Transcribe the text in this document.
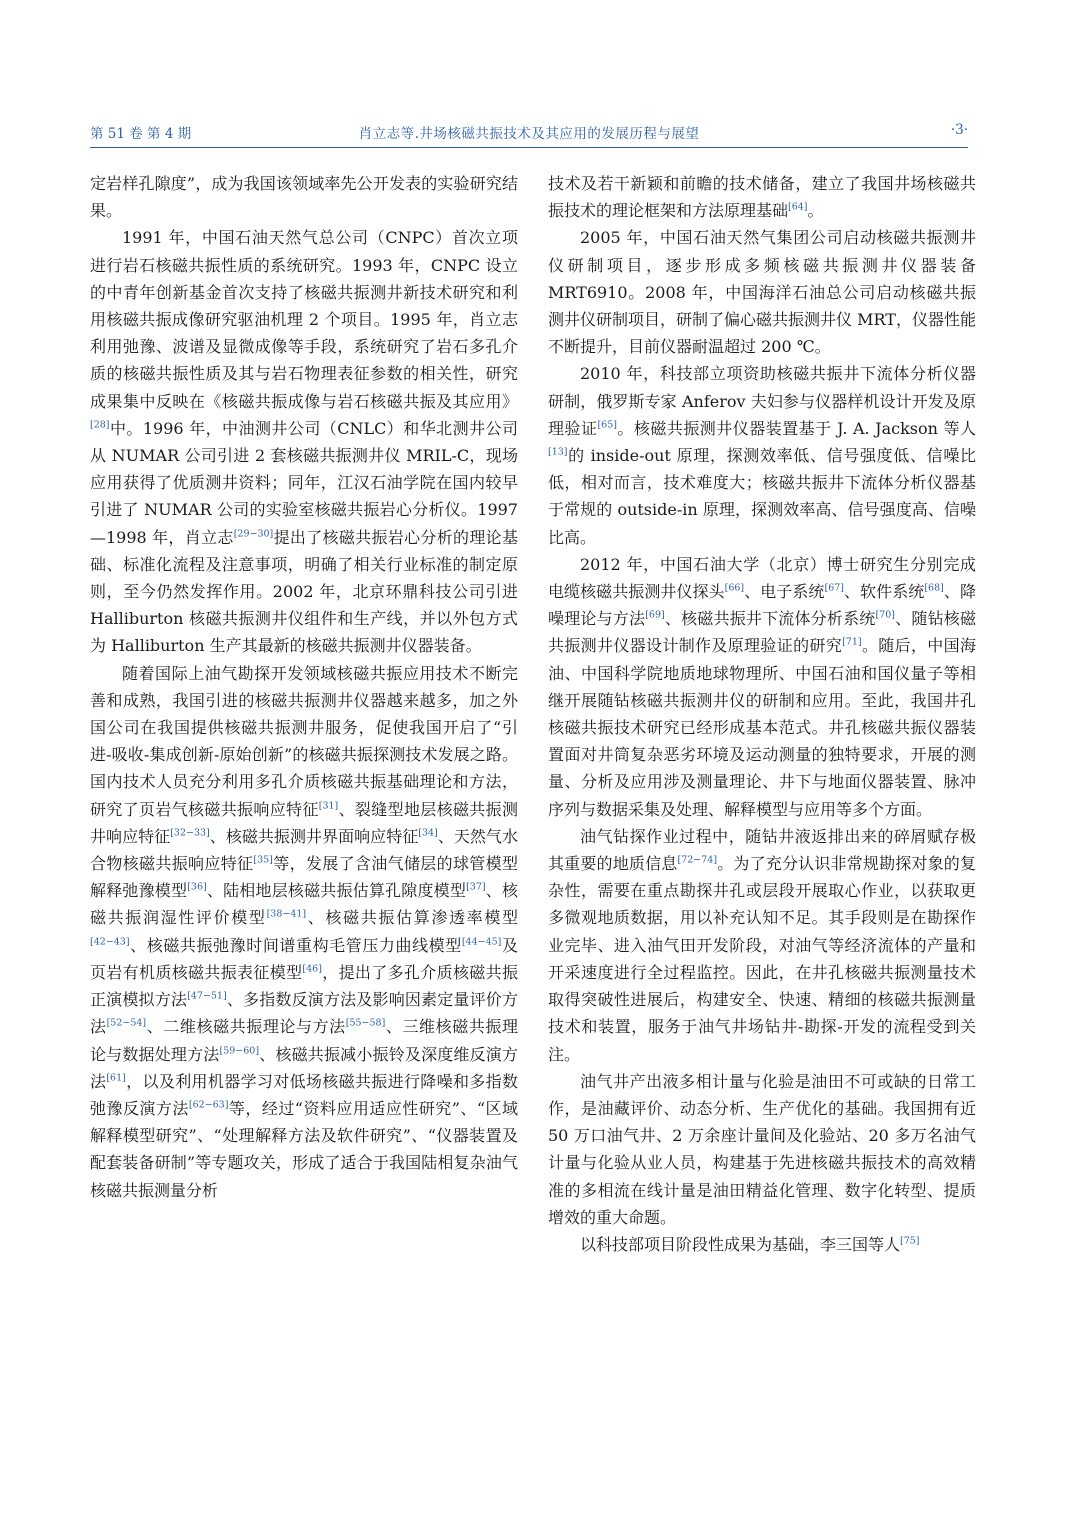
第 51 卷 第 4 期	肖立志等.井场核磁共振技术及其应用的发展历程与展望	·3·

定岩样孔隙度”，成为我国该领域率先公开发表的实验研究结果。

1991 年，中国石油天然气总公司（CNPC）首次立项进行岩石核磁共振性质的系统研究。1993 年，CNPC 设立的中青年创新基金首次支持了核磁共振测井新技术研究和利用核磁共振成像研究驱油机理 2 个项目。1995 年，肖立志利用弛豫、波谱及显微成像等手段，系统研究了岩石多孔介质的核磁共振性质及其与岩石物理表征参数的相关性，研究成果集中反映在《核磁共振成像与岩石核磁共振及其应用》[28]中。1996 年，中油测井公司（CNLC）和华北测井公司从 NUMAR 公司引进 2 套核磁共振测井仪 MRIL-C，现场应用获得了优质测井资料；同年，江汉石油学院在国内较早引进了 NUMAR 公司的实验室核磁共振岩心分析仪。1997—1998 年，肖立志[29−30]提出了核磁共振岩心分析的理论基础、标准化流程及注意事项，明确了相关行业标准的制定原则，至今仍然发挥作用。2002 年，北京环鼎科技公司引进 Halliburton 核磁共振测井仪组件和生产线，并以外包方式为 Halliburton 生产其最新的核磁共振测井仪器装备。

随着国际上油气勘探开发领域核磁共振应用技术不断完善和成熟，我国引进的核磁共振测井仪器越来越多，加之外国公司在我国提供核磁共振测井服务，促使我国开启了“引进-吸收-集成创新-原始创新”的核磁共振探测技术发展之路。国内技术人员充分利用多孔介质核磁共振基础理论和方法，研究了页岩气核磁共振响应特征[31]、裂缝型地层核磁共振测井响应特征[32−33]、核磁共振测井界面响应特征[34]、天然气水合物核磁共振响应特征[35]等，发展了含油气储层的球管模型解释弛豫模型[36]、陆相地层核磁共振估算孔隙度模型[37]、核磁共振润湿性评价模型[38−41]、核磁共振估算渗透率模型[42−43]、核磁共振弛豫时间谱重构毛管压力曲线模型[44−45]及页岩有机质核磁共振表征模型[46]，提出了多孔介质核磁共振正演模拟方法[47−51]、多指数反演方法及影响因素定量评价方法[52−54]、二维核磁共振理论与方法[55−58]、三维核磁共振理论与数据处理方法[59−60]、核磁共振减小振铃及深度维反演方法[61]，以及利用机器学习对低场核磁共振进行降噪和多指数弛豫反演方法[62−63]等，经过“资料应用适应性研究”、“区域解释模型研究”、“处理解释方法及软件研究”、“仪器装置及配套装备研制”等专题攻关，形成了适合于我国陆相复杂油气核磁共振测量分析

技术及若干新颖和前瞻的技术储备，建立了我国井场核磁共振技术的理论框架和方法原理基础[64]。

2005 年，中国石油天然气集团公司启动核磁共振测井仪研制项目，逐步形成多频核磁共振测井仪器装备 MRT6910。2008 年，中国海洋石油总公司启动核磁共振测井仪研制项目，研制了偏心磁共振测井仪 MRT，仪器性能不断提升，目前仪器耐温超过 200 ℃。

2010 年，科技部立项资助核磁共振井下流体分析仪器研制，俄罗斯专家 Anferov 夫妇参与仪器样机设计开发及原理验证[65]。核磁共振测井仪器装置基于 J. A. Jackson 等人[13]的 inside-out 原理，探测效率低、信号强度低、信噪比低，相对而言，技术难度大；核磁共振井下流体分析仪器基于常规的 outside-in 原理，探测效率高、信号强度高、信噪比高。

2012 年，中国石油大学（北京）博士研究生分别完成电缆核磁共振测井仪探头[66]、电子系统[67]、软件系统[68]、降噪理论与方法[69]、核磁共振井下流体分析系统[70]、随钻核磁共振测井仪器设计制作及原理验证的研究[71]。随后，中国海油、中国科学院地质地球物理所、中国石油和国仪量子等相继开展随钻核磁共振测井仪的研制和应用。至此，我国井孔核磁共振技术研究已经形成基本范式。井孔核磁共振仪器装置面对井筒复杂恶劣环境及运动测量的独特要求，开展的测量、分析及应用涉及测量理论、井下与地面仪器装置、脉冲序列与数据采集及处理、解释模型与应用等多个方面。

油气钻探作业过程中，随钻井液返排出来的碎屑赋存极其重要的地质信息[72−74]。为了充分认识非常规勘探对象的复杂性，需要在重点勘探井孔或层段开展取心作业，以获取更多微观地质数据，用以补充认知不足。其手段则是在勘探作业完毕、进入油气田开发阶段，对油气等经济流体的产量和开采速度进行全过程监控。因此，在井孔核磁共振测量技术取得突破性进展后，构建安全、快速、精细的核磁共振测量技术和装置，服务于油气井场钻井-勘探-开发的流程受到关注。

油气井产出液多相计量与化验是油田不可或缺的日常工作，是油藏评价、动态分析、生产优化的基础。我国拥有近 50 万口油气井、2 万余座计量间及化验站、20 多万名油气计量与化验从业人员，构建基于先进核磁共振技术的高效精准的多相流在线计量是油田精益化管理、数字化转型、提质增效的重大命题。

以科技部项目阶段性成果为基础，李三国等人[75]
